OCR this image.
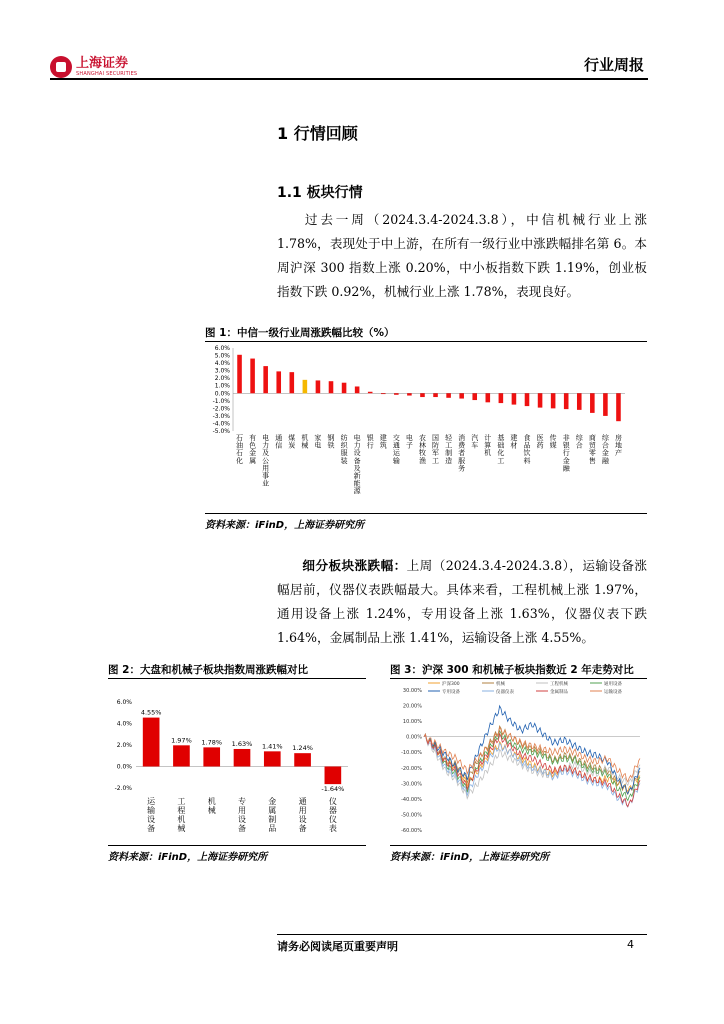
上海证券
SHANGHAI SECURITIES	行业周报
1 行情回顾
1.1 板块行情
过去一周（2024.3.4-2024.3.8），中信机械行业上涨 1.78%，表现处于中上游，在所有一级行业中涨跌幅排名第 6。本周沪深 300 指数上涨 0.20%，中小板指数下跌 1.19%，创业板指数下跌 0.92%，机械行业上涨 1.78%，表现良好。
图 1：中信一级行业周涨跌幅比较（%）
6.0%
5.0%
4.0%
3.0%
2.0%
1.0%
0.0%
-1.0%
-2.0%
-3.0%
-4.0%
-5.0%
石油石化
有色金属
电力及公用事业
通信
煤炭
机械
家电
钢铁
纺织服装
电力设备及新能源
银行
建筑
交通运输
电子
农林牧渔
国防军工
轻工制造
消费者服务
汽车
计算机
基础化工
建材
食品饮料
医药
传媒
非银行金融
综合
商贸零售
综合金融
房地产
资料来源：iFinD，上海证券研究所
细分板块涨跌幅：上周（2024.3.4-2024.3.8），运输设备涨幅居前，仪器仪表跌幅最大。具体来看，工程机械上涨 1.97%，通用设备上涨 1.24%，专用设备上涨 1.63%，仪器仪表下跌 1.64%，金属制品上涨 1.41%，运输设备上涨 4.55%。
图 2：大盘和机械子板块指数周涨跌幅对比
6.0%
4.0%
2.0%
0.0%
-2.0%
4.55%
运输设备
1.97%
工程机械
1.78%
机械
1.63%
专用设备
1.41%
金属制品
1.24%
通用设备
-1.64%
仪器仪表
资料来源：iFinD，上海证券研究所
图 3：沪深 300 和机械子板块指数近 2 年走势对比
30.00%
20.00%
10.00%
0.00%
-10.00%
-20.00%
-30.00%
-40.00%
-50.00%
-60.00%
沪深300	机械	工程机械	通用设备
专用设备	仪器仪表	金属制品	运输设备
资料来源：iFinD，上海证券研究所
请务必阅读尾页重要声明	4
